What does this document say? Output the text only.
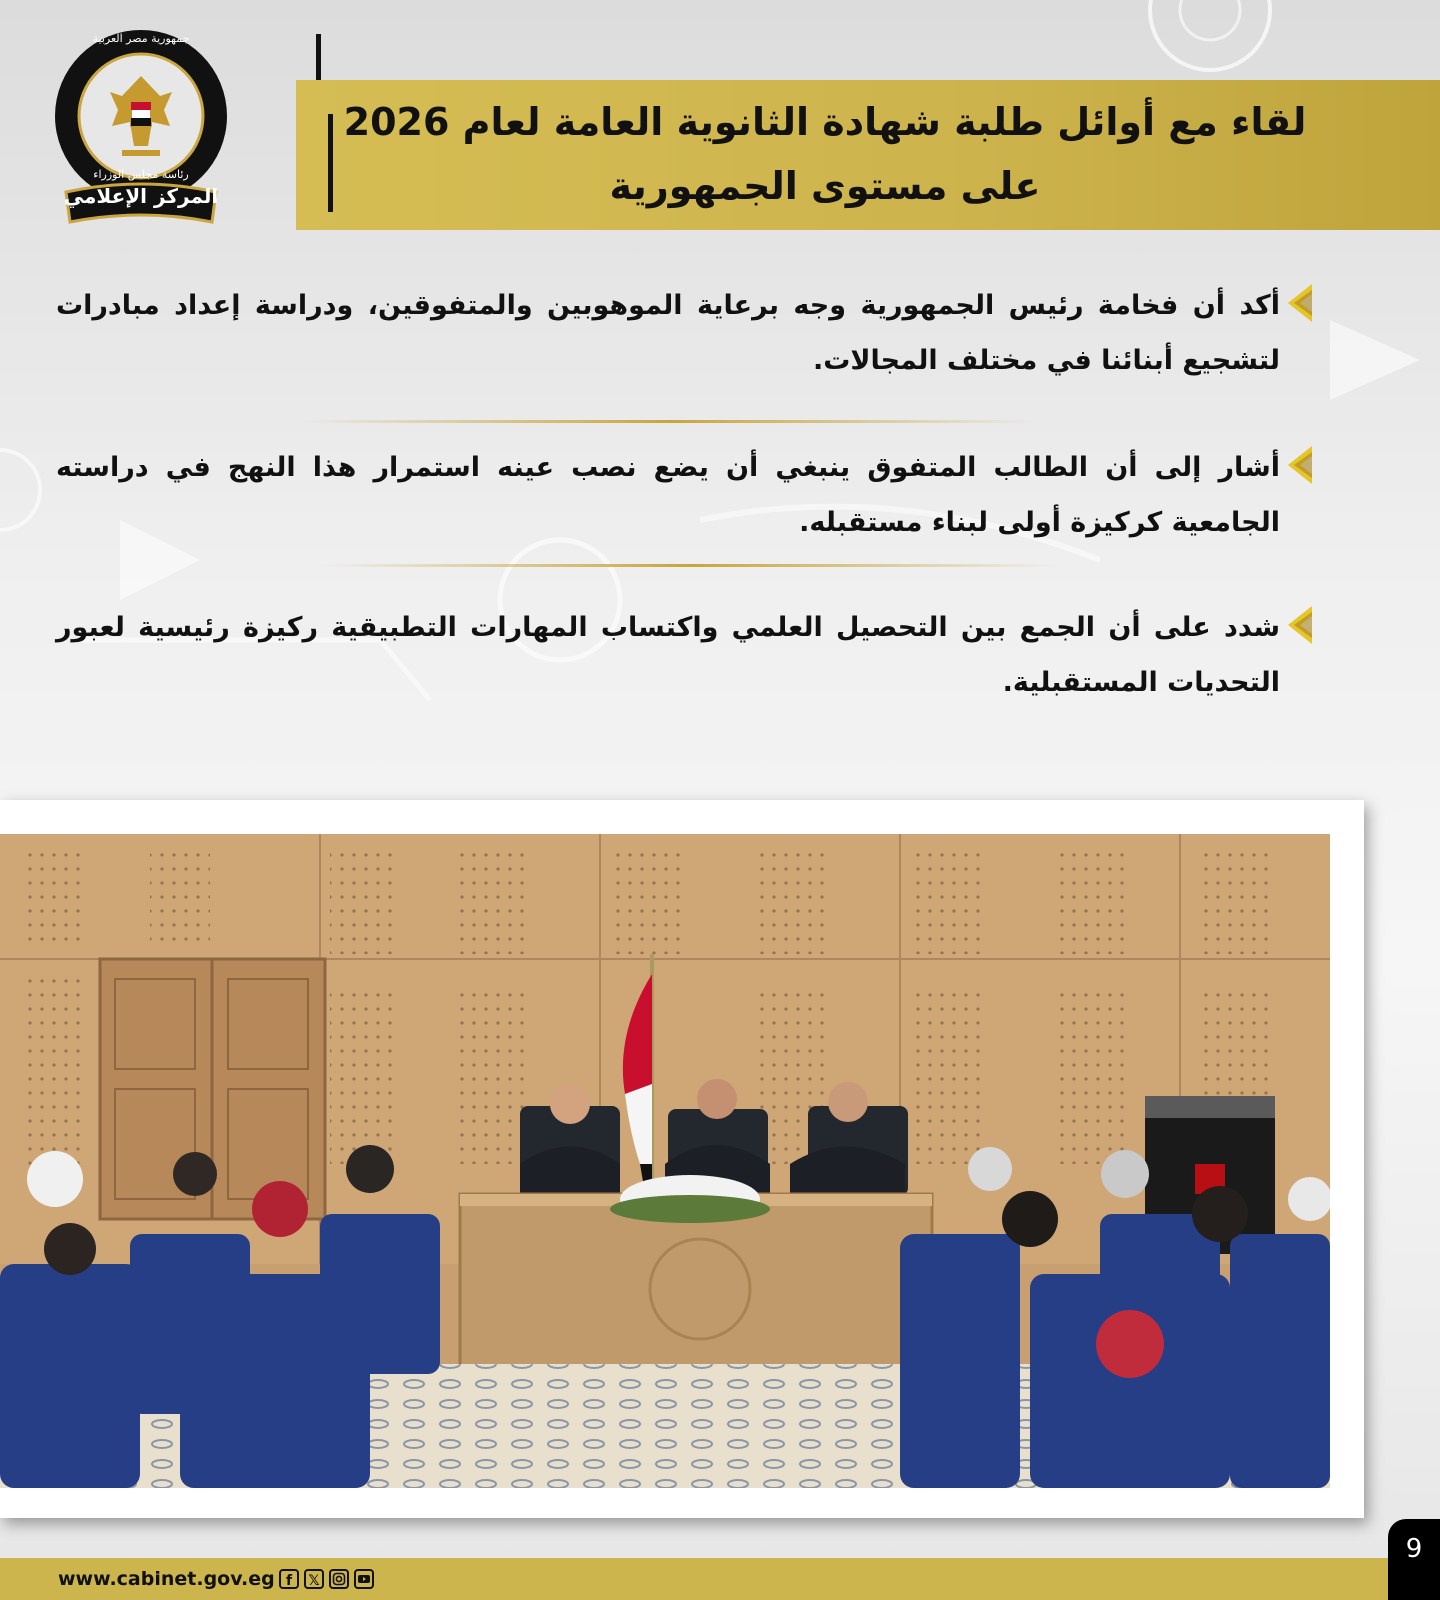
المركز الإعلامي
جمهورية مصر العربية
رئاسة مجلس الوزراء
لقاء مع أوائل طلبة شهادة الثانوية العامة لعام 2026
على مستوى الجمهورية
أكد أن فخامة رئيس الجمهورية وجه برعاية الموهوبين والمتفوقين، ودراسة إعداد مبادرات لتشجيع أبنائنا في مختلف المجالات.
أشار إلى أن الطالب المتفوق ينبغي أن يضع نصب عينه استمرار هذا النهج في دراسته الجامعية كركيزة أولى لبناء مستقبله.
شدد على أن الجمع بين التحصيل العلمي واكتساب المهارات التطبيقية ركيزة رئيسية لعبور التحديات المستقبلية.
www.cabinet.gov.eg f	𝕏
9
